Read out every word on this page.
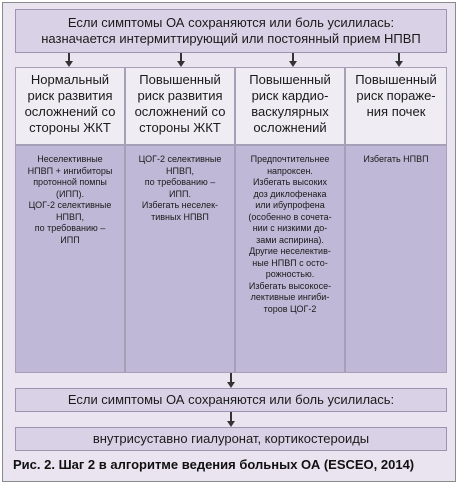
Если симптомы ОА сохраняются или боль усилилась:
назначается интермиттирующий или постоянный прием НПВП
Нормальный
риск развития
осложнений со
стороны ЖКТ
Неселективные
НПВП + ингибиторы
протонной помпы
(ИПП).
ЦОГ-2 селективные
НПВП,
по требованию –
ИПП
Повышенный
риск развития
осложнений со
стороны ЖКТ
ЦОГ-2 селективные
НПВП,
по требованию –
ИПП.
Избегать неселек-
тивных НПВП
Повышенный
риск кардио-
васкулярных
осложнений
Предпочтительнее
напроксен.
Избегать высоких
доз диклофенака
или ибупрофена
(особенно в сочета-
нии с низкими до-
зами аспирина).
Другие неселектив-
ные НПВП с осто-
рожностью.
Избегать высокосе-
лективные ингиби-
торов ЦОГ-2
Повышенный
риск пораже-
ния почек
Избегать НПВП
Если симптомы ОА сохраняются или боль усилилась:
внутрисуставно гиалуронат, кортикостероиды
Рис. 2. Шаг 2 в алгоритме ведения больных ОА (ESCEO, 2014)
